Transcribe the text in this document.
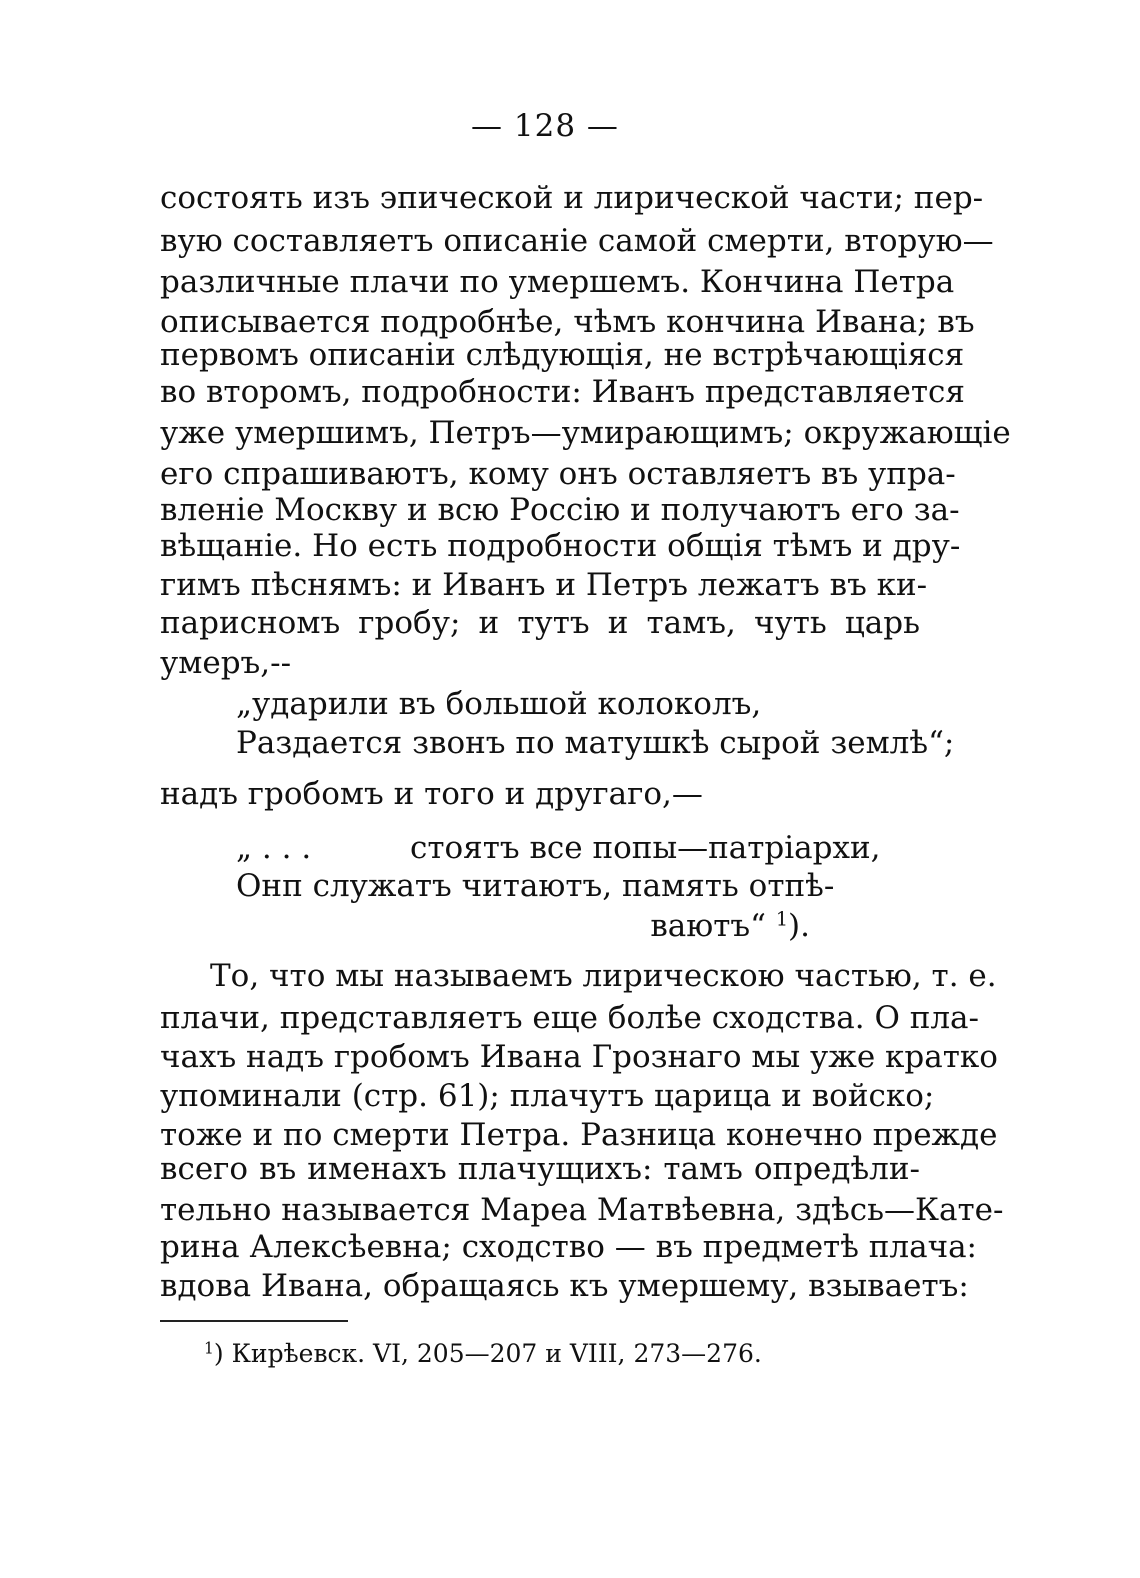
— 128 —
состоять изъ эпической и лирической части; пер-
вую составляетъ описаніе самой смерти, вторую—
различные плачи по умершемъ. Кончина Петра
описывается подробнѣе, чѣмъ кончина Ивана; въ
первомъ описаніи слѣдующія, не встрѣчающіяся
во второмъ, подробности: Иванъ представляется
уже умершимъ, Петръ—умирающимъ; окружающіе
его спрашиваютъ, кому онъ оставляетъ въ упра-
вленіе Москву и всю Россію и получаютъ его за-
вѣщаніе. Но есть подробности общія тѣмъ и дру-
гимъ пѣснямъ: и Иванъ и Петръ лежатъ въ ки-
парисномъ гробу; и тутъ и тамъ, чуть царь
умеръ,--
„ударили въ большой колоколъ,
Раздается звонъ по матушкѣ сырой землѣ“;
надъ гробомъ и того и другаго,—
„ . . .	стоятъ все попы—патріархи,
Онп служатъ читаютъ, память отпѣ-
ваютъ“ $^1$).
То, что мы называемъ лирическою частью, т. е.
плачи, представляетъ еще болѣе сходства. О пла-
чахъ надъ гробомъ Ивана Грознаго мы уже кратко
упоминали (стр. 61); плачутъ царица и войско;
тоже и по смерти Петра. Разница конечно прежде
всего въ именахъ плачущихъ: тамъ опредѣли-
тельно называется Мареа Матвѣевна, здѣсь—Кате-
рина Алексѣевна; сходство — въ предметѣ плача:
вдова Ивана, обращаясь къ умершему, взываетъ:
$^1$) Кирѣевск. VI, 205—207 и VIII, 273—276.
